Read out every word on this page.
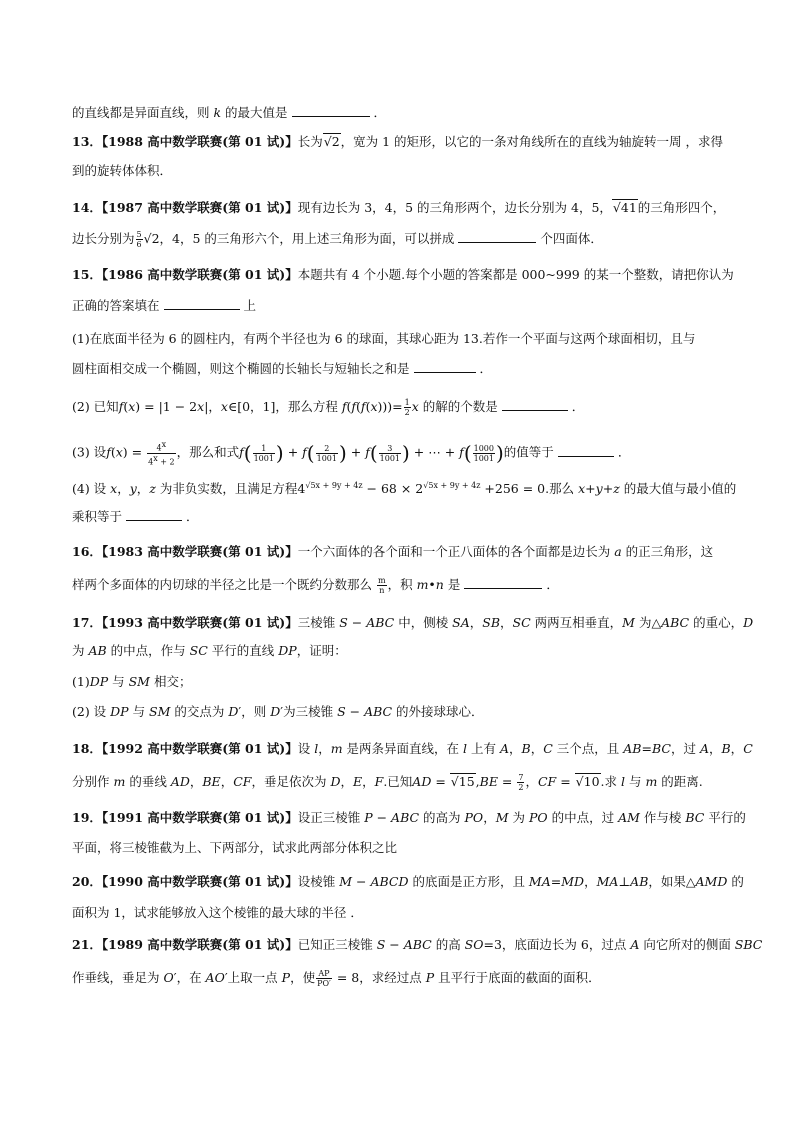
的直线都是异面直线，则 k 的最大值是	．
13．【1988 高中数学联赛(第 01 试)】长为√2，宽为 1 的矩形，以它的一条对角线所在的直线为轴旋转一周 ，求得
到的旋转体体积．
14．【1987 高中数学联赛(第 01 试)】现有边长为 3，4，5 的三角形两个，边长分别为 4，5，√41的三角形四个，
边长分别为 $\frac{5}{6} √2$，4，5 的三角形六个，用上述三角形为面，可以拼成	个四面体．
15．【1986 高中数学联赛(第 01 试)】本题共有 4 个小题.每个小题的答案都是 000~999 的某一个整数，请把你认为
正确的答案填在	上
(1)在底面半径为 6 的圆柱内，有两个半径也为 6 的球面，其球心距为 13.若作一个平面与这两个球面相切，且与
圆柱面相交成一个椭圆，则这个椭圆的长轴长与短轴长之和是	．
(2) 已知f(x) = |1 − 2x|，x∈[0，1]，那么方程 $f(f(f(x)))= \frac{1}{2}$ x 的解的个数是	．
(3) 设$f(x) = \frac{4^x}{4^x + 2}$ ，那么和式$f( \frac{1}{1001}$ ) + $f( \frac{2}{1001}$ ) + $f( \frac{3}{1001}$ ) + ⋯ + $f( \frac{1000}{1001}$ )的值等于	．
(4) 设 x，y，z 为非负实数，且满足方程$4^{√5x + 9y + 4z} - 68 \times 2^{√5x + 9y + 4z} +256 = 0$.那么 x+y+z 的最大值与最小值的
乘积等于	．
16．【1983 高中数学联赛(第 01 试)】一个六面体的各个面和一个正八面体的各个面都是边长为 a 的正三角形，这
样两个多面体的内切球的半径之比是一个既约分数那么 $\frac{m}{n}$ ，积 m•n 是	．
17．【1993 高中数学联赛(第 01 试)】三棱锥 S − ABC 中，侧棱 SA，SB，SC 两两互相垂直，M 为△ABC 的重心，D
为 AB 的中点，作与 SC 平行的直线 DP，证明：
(1)DP 与 SM 相交；
(2) 设 DP 与 SM 的交点为 D′，则 D′为三棱锥 S − ABC 的外接球球心．
18．【1992 高中数学联赛(第 01 试)】设 l，m 是两条异面直线，在 l 上有 A，B，C 三个点，且 AB=BC，过 A，B，C
分别作 m 的垂线 AD，BE，CF，垂足依次为 D，E，F.已知AD = $√15,BE = \frac{7}{2}$ ，CF = √10.求 l 与 m 的距离.
19．【1991 高中数学联赛(第 01 试)】设正三棱锥 P − ABC 的高为 PO，M 为 PO 的中点，过 AM 作与棱 BC 平行的
平面，将三棱锥截为上、下两部分，试求此两部分体积之比
20．【1990 高中数学联赛(第 01 试)】设棱锥 M − ABCD 的底面是正方形，且 MA=MD，MA⊥AB，如果△AMD 的
面积为 1，试求能够放入这个棱锥的最大球的半径 ．
21．【1989 高中数学联赛(第 01 试)】已知正三棱锥 S − ABC 的高 SO=3，底面边长为 6，过点 A 向它所对的侧面 SBC
作垂线，垂足为 O′，在 AO′上取一点 P，使 $\frac{AP}{PO'} = 8$，求经过点 P 且平行于底面的截面的面积．
